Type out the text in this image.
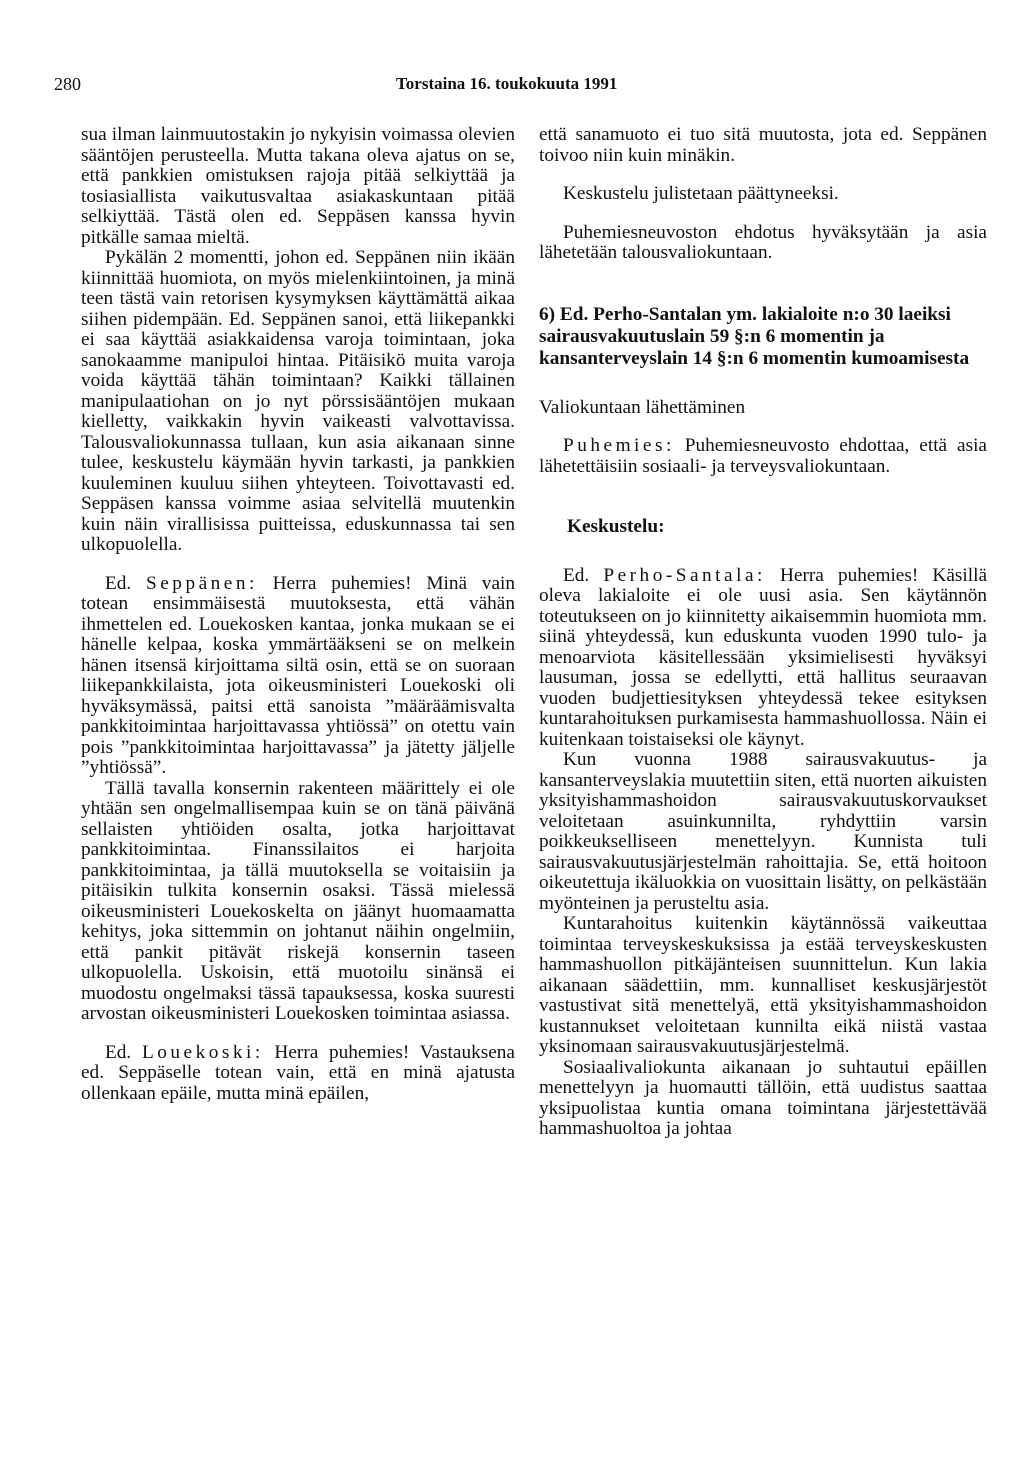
280	Torstaina 16. toukokuuta 1991

sua ilman lainmuutostakin jo nykyisin voimassa olevien sääntöjen perusteella. Mutta takana oleva ajatus on se, että pankkien omistuksen rajoja pitää selkiyttää ja tosiasiallista vaikutusvaltaa asiakaskuntaan pitää selkiyttää. Tästä olen ed. Seppäsen kanssa hyvin pitkälle samaa mieltä.

Pykälän 2 momentti, johon ed. Seppänen niin ikään kiinnittää huomiota, on myös mielenkiintoinen, ja minä teen tästä vain retorisen kysymyksen käyttämättä aikaa siihen pidempään. Ed. Seppänen sanoi, että liikepankki ei saa käyttää asiakkaidensa varoja toimintaan, joka sanokaamme manipuloi hintaa. Pitäisikö muita varoja voida käyttää tähän toimintaan? Kaikki tällainen manipulaatiohan on jo nyt pörssisääntöjen mukaan kielletty, vaikkakin hyvin vaikeasti valvottavissa. Talousvaliokunnassa tullaan, kun asia aikanaan sinne tulee, keskustelu käymään hyvin tarkasti, ja pankkien kuuleminen kuuluu siihen yhteyteen. Toivottavasti ed. Seppäsen kanssa voimme asiaa selvitellä muutenkin kuin näin virallisissa puitteissa, eduskunnassa tai sen ulkopuolella.

Ed. Seppänen: Herra puhemies! Minä vain totean ensimmäisestä muutoksesta, että vähän ihmettelen ed. Louekosken kantaa, jonka mukaan se ei hänelle kelpaa, koska ymmärtääkseni se on melkein hänen itsensä kirjoittama siltä osin, että se on suoraan liikepankkilaista, jota oikeusministeri Louekoski oli hyväksymässä, paitsi että sanoista ”määräämisvalta pankkitoimintaa harjoittavassa yhtiössä” on otettu vain pois ”pankkitoimintaa harjoittavassa” ja jätetty jäljelle ”yhtiössä”.

Tällä tavalla konsernin rakenteen määrittely ei ole yhtään sen ongelmallisempaa kuin se on tänä päivänä sellaisten yhtiöiden osalta, jotka harjoittavat pankkitoimintaa. Finanssilaitos ei harjoita pankkitoimintaa, ja tällä muutoksella se voitaisiin ja pitäisikin tulkita konsernin osaksi. Tässä mielessä oikeusministeri Louekoskelta on jäänyt huomaamatta kehitys, joka sittemmin on johtanut näihin ongelmiin, että pankit pitävät riskejä konsernin taseen ulkopuolella. Uskoisin, että muotoilu sinänsä ei muodostu ongelmaksi tässä tapauksessa, koska suuresti arvostan oikeusministeri Louekosken toimintaa asiassa.

Ed. Louekoski: Herra puhemies! Vastauksena ed. Seppäselle totean vain, että en minä ajatusta ollenkaan epäile, mutta minä epäilen,

että sanamuoto ei tuo sitä muutosta, jota ed. Seppänen toivoo niin kuin minäkin.

Keskustelu julistetaan päättyneeksi.

Puhemiesneuvoston ehdotus hyväksytään ja asia lähetetään talousvaliokuntaan.

6) Ed. Perho-Santalan ym. lakialoite n:o 30 laeiksi sairausvakuutuslain 59 §:n 6 momentin ja kansanterveyslain 14 §:n 6 momentin kumoamisesta

Valiokuntaan lähettäminen

Puhemies: Puhemiesneuvosto ehdottaa, että asia lähetettäisiin sosiaali- ja terveysvaliokuntaan.

Keskustelu:

Ed. Perho-Santala: Herra puhemies! Käsillä oleva lakialoite ei ole uusi asia. Sen käytännön toteutukseen on jo kiinnitetty aikaisemmin huomiota mm. siinä yhteydessä, kun eduskunta vuoden 1990 tulo- ja menoarviota käsitellessään yksimielisesti hyväksyi lausuman, jossa se edellytti, että hallitus seuraavan vuoden budjettiesityksen yhteydessä tekee esityksen kuntarahoituksen purkamisesta hammashuollossa. Näin ei kuitenkaan toistaiseksi ole käynyt.

Kun vuonna 1988 sairausvakuutus- ja kansanterveyslakia muutettiin siten, että nuorten aikuisten yksityishammashoidon sairausvakuutuskorvaukset veloitetaan asuinkunnilta, ryhdyttiin varsin poikkeukselliseen menettelyyn. Kunnista tuli sairausvakuutusjärjestelmän rahoittajia. Se, että hoitoon oikeutettuja ikäluokkia on vuosittain lisätty, on pelkästään myönteinen ja perusteltu asia.

Kuntarahoitus kuitenkin käytännössä vaikeuttaa toimintaa terveyskeskuksissa ja estää terveyskeskusten hammashuollon pitkäjänteisen suunnittelun. Kun lakia aikanaan säädettiin, mm. kunnalliset keskusjärjestöt vastustivat sitä menettelyä, että yksityishammashoidon kustannukset veloitetaan kunnilta eikä niistä vastaa yksinomaan sairausvakuutusjärjestelmä.

Sosiaalivaliokunta aikanaan jo suhtautui epäillen menettelyyn ja huomautti tällöin, että uudistus saattaa yksipuolistaa kuntia omana toimintana järjestettävää hammashuoltoa ja johtaa
